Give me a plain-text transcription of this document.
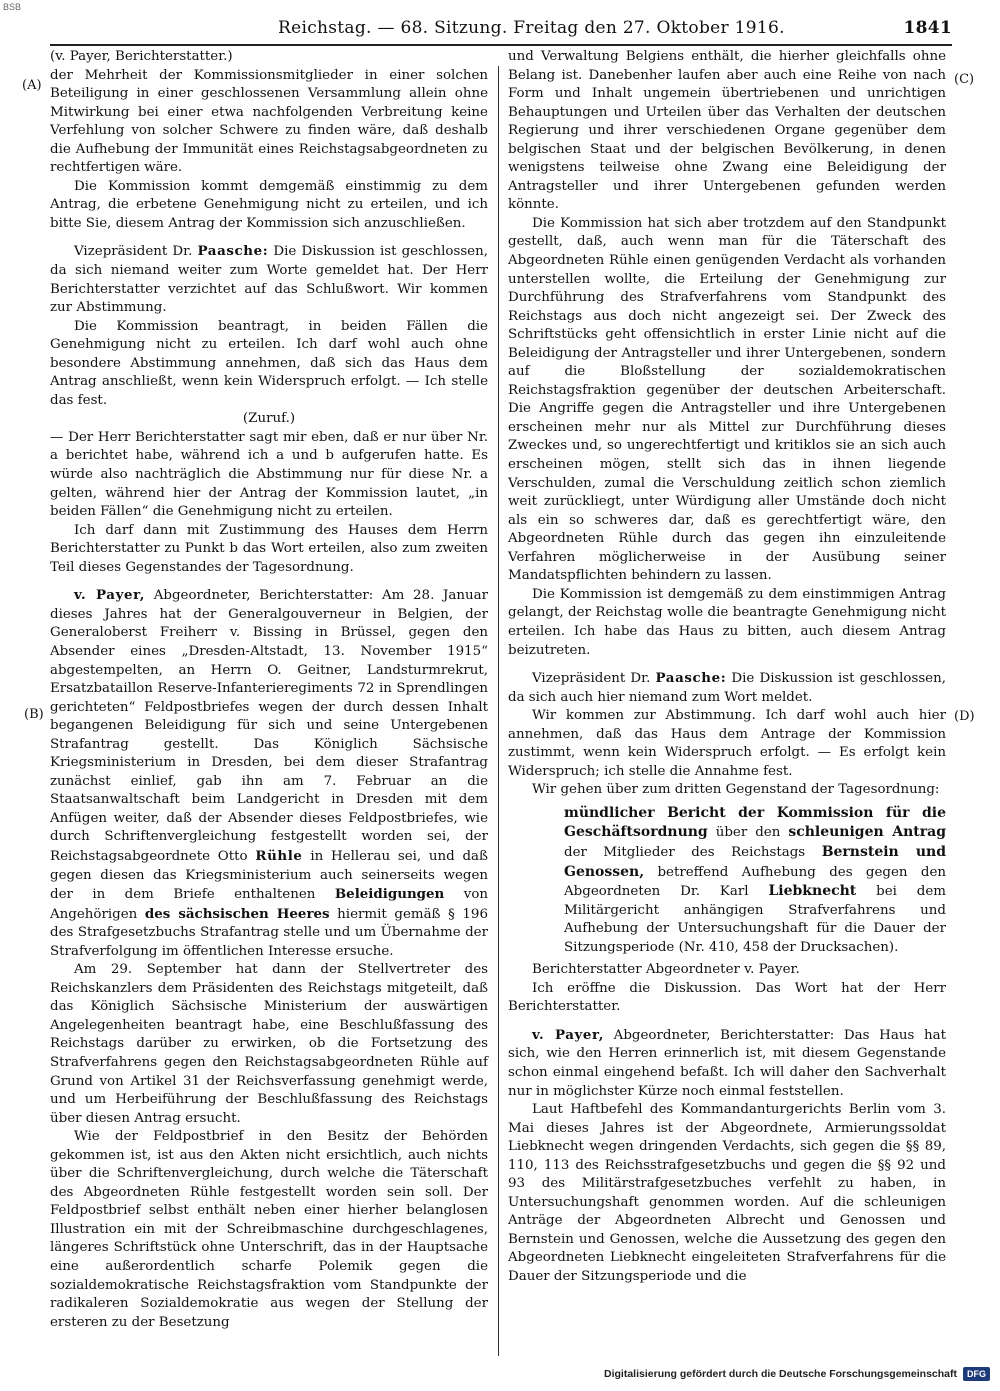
BSB
Reichstag. — 68. Sitzung. Freitag den 27. Oktober 1916.	1841
(A)
(B)
(C)
(D)

(v. Payer, Berichterstatter.)

der Mehrheit der Kommissionsmitglieder in einer solchen Beteiligung in einer geschlossenen Versammlung allein ohne Mitwirkung bei einer etwa nachfolgenden Verbreitung keine Verfehlung von solcher Schwere zu finden wäre, daß deshalb die Aufhebung der Immunität eines Reichstagsabgeordneten zu rechtfertigen wäre.

Die Kommission kommt demgemäß einstimmig zu dem Antrag, die erbetene Genehmigung nicht zu erteilen, und ich bitte Sie, diesem Antrag der Kommission sich anzuschließen.

Vizepräsident Dr. Paasche: Die Diskussion ist geschlossen, da sich niemand weiter zum Worte gemeldet hat. Der Herr Berichterstatter verzichtet auf das Schlußwort. Wir kommen zur Abstimmung.

Die Kommission beantragt, in beiden Fällen die Genehmigung nicht zu erteilen. Ich darf wohl auch ohne besondere Abstimmung annehmen, daß sich das Haus dem Antrag anschließt, wenn kein Widerspruch erfolgt. — Ich stelle das fest.

(Zuruf.)

— Der Herr Berichterstatter sagt mir eben, daß er nur über Nr. a berichtet habe, während ich a und b aufgerufen hatte. Es würde also nachträglich die Abstimmung nur für diese Nr. a gelten, während hier der Antrag der Kommission lautet, „in beiden Fällen“ die Genehmigung nicht zu erteilen.

Ich darf dann mit Zustimmung des Hauses dem Herrn Berichterstatter zu Punkt b das Wort erteilen, also zum zweiten Teil dieses Gegenstandes der Tagesordnung.

v. Payer, Abgeordneter, Berichterstatter: Am 28. Januar dieses Jahres hat der Generalgouverneur in Belgien, der Generaloberst Freiherr v. Bissing in Brüssel, gegen den Absender eines „Dresden-Altstadt, 13. November 1915“ abgestempelten, an Herrn O. Geitner, Landsturmrekrut, Ersatzbataillon Reserve-Infanterieregiments 72 in Sprendlingen gerichteten“ Feldpostbriefes wegen der durch dessen Inhalt begangenen Beleidigung für sich und seine Untergebenen Strafantrag gestellt. Das Königlich Sächsische Kriegsministerium in Dresden, bei dem dieser Strafantrag zunächst einlief, gab ihn am 7. Februar an die Staatsanwaltschaft beim Landgericht in Dresden mit dem Anfügen weiter, daß der Absender dieses Feldpostbriefes, wie durch Schriftenvergleichung festgestellt worden sei, der Reichstagsabgeordnete Otto Rühle in Hellerau sei, und daß gegen diesen das Kriegsministerium auch seinerseits wegen der in dem Briefe enthaltenen Beleidigungen von Angehörigen des sächsischen Heeres hiermit gemäß § 196 des Strafgesetzbuchs Strafantrag stelle und um Übernahme der Strafverfolgung im öffentlichen Interesse ersuche.

Am 29. September hat dann der Stellvertreter des Reichskanzlers dem Präsidenten des Reichstags mitgeteilt, daß das Königlich Sächsische Ministerium der auswärtigen Angelegenheiten beantragt habe, eine Beschlußfassung des Reichstags darüber zu erwirken, ob die Fortsetzung des Strafverfahrens gegen den Reichstagsabgeordneten Rühle auf Grund von Artikel 31 der Reichsverfassung genehmigt werde, und um Herbeiführung der Beschlußfassung des Reichstags über diesen Antrag ersucht.

Wie der Feldpostbrief in den Besitz der Behörden gekommen ist, ist aus den Akten nicht ersichtlich, auch nichts über die Schriftenvergleichung, durch welche die Täterschaft des Abgeordneten Rühle festgestellt worden sein soll. Der Feldpostbrief selbst enthält neben einer hierher belanglosen Illustration ein mit der Schreibmaschine durchgeschlagenes, längeres Schriftstück ohne Unterschrift, das in der Hauptsache eine außerordentlich scharfe Polemik gegen die sozialdemokratische Reichstagsfraktion vom Standpunkte der radikaleren Sozialdemokratie aus wegen der Stellung der ersteren zu der Besetzung

und Verwaltung Belgiens enthält, die hierher gleichfalls ohne Belang ist. Danebenher laufen aber auch eine Reihe von nach Form und Inhalt ungemein übertriebenen und unrichtigen Behauptungen und Urteilen über das Verhalten der deutschen Regierung und ihrer verschiedenen Organe gegenüber dem belgischen Staat und der belgischen Bevölkerung, in denen wenigstens teilweise ohne Zwang eine Beleidigung der Antragsteller und ihrer Untergebenen gefunden werden könnte.

Die Kommission hat sich aber trotzdem auf den Standpunkt gestellt, daß, auch wenn man für die Täterschaft des Abgeordneten Rühle einen genügenden Verdacht als vorhanden unterstellen wollte, die Erteilung der Genehmigung zur Durchführung des Strafverfahrens vom Standpunkt des Reichstags aus doch nicht angezeigt sei. Der Zweck des Schriftstücks geht offensichtlich in erster Linie nicht auf die Beleidigung der Antragsteller und ihrer Untergebenen, sondern auf die Bloßstellung der sozialdemokratischen Reichstagsfraktion gegenüber der deutschen Arbeiterschaft. Die Angriffe gegen die Antragsteller und ihre Untergebenen erscheinen mehr nur als Mittel zur Durchführung dieses Zweckes und, so ungerechtfertigt und kritiklos sie an sich auch erscheinen mögen, stellt sich das in ihnen liegende Verschulden, zumal die Verschuldung zeitlich schon ziemlich weit zurückliegt, unter Würdigung aller Umstände doch nicht als ein so schweres dar, daß es gerechtfertigt wäre, den Abgeordneten Rühle durch das gegen ihn einzuleitende Verfahren möglicherweise in der Ausübung seiner Mandatspflichten behindern zu lassen.

Die Kommission ist demgemäß zu dem einstimmigen Antrag gelangt, der Reichstag wolle die beantragte Genehmigung nicht erteilen. Ich habe das Haus zu bitten, auch diesem Antrag beizutreten.

Vizepräsident Dr. Paasche: Die Diskussion ist geschlossen, da sich auch hier niemand zum Wort meldet.

Wir kommen zur Abstimmung. Ich darf wohl auch hier annehmen, daß das Haus dem Antrage der Kommission zustimmt, wenn kein Widerspruch erfolgt. — Es erfolgt kein Widerspruch; ich stelle die Annahme fest.

Wir gehen über zum dritten Gegenstand der Tagesordnung:

mündlicher Bericht der Kommission für die Geschäftsordnung über den schleunigen Antrag der Mitglieder des Reichstags Bernstein und Genossen, betreffend Aufhebung des gegen den Abgeordneten Dr. Karl Liebknecht bei dem Militärgericht anhängigen Strafverfahrens und Aufhebung der Untersuchungshaft für die Dauer der Sitzungsperiode (Nr. 410, 458 der Drucksachen).

Berichterstatter Abgeordneter v. Payer.

Ich eröffne die Diskussion. Das Wort hat der Herr Berichterstatter.

v. Payer, Abgeordneter, Berichterstatter: Das Haus hat sich, wie den Herren erinnerlich ist, mit diesem Gegenstande schon einmal eingehend befaßt. Ich will daher den Sachverhalt nur in möglichster Kürze noch einmal feststellen.

Laut Haftbefehl des Kommandanturgerichts Berlin vom 3. Mai dieses Jahres ist der Abgeordnete, Armierungssoldat Liebknecht wegen dringenden Verdachts, sich gegen die §§ 89, 110, 113 des Reichsstrafgesetzbuchs und gegen die §§ 92 und 93 des Militärstrafgesetzbuches verfehlt zu haben, in Untersuchungshaft genommen worden. Auf die schleunigen Anträge der Abgeordneten Albrecht und Genossen und Bernstein und Genossen, welche die Aussetzung des gegen den Abgeordneten Liebknecht eingeleiteten Strafverfahrens für die Dauer der Sitzungsperiode und die

Digitalisierung gefördert durch die Deutsche Forschungsgemeinschaft	DFG
